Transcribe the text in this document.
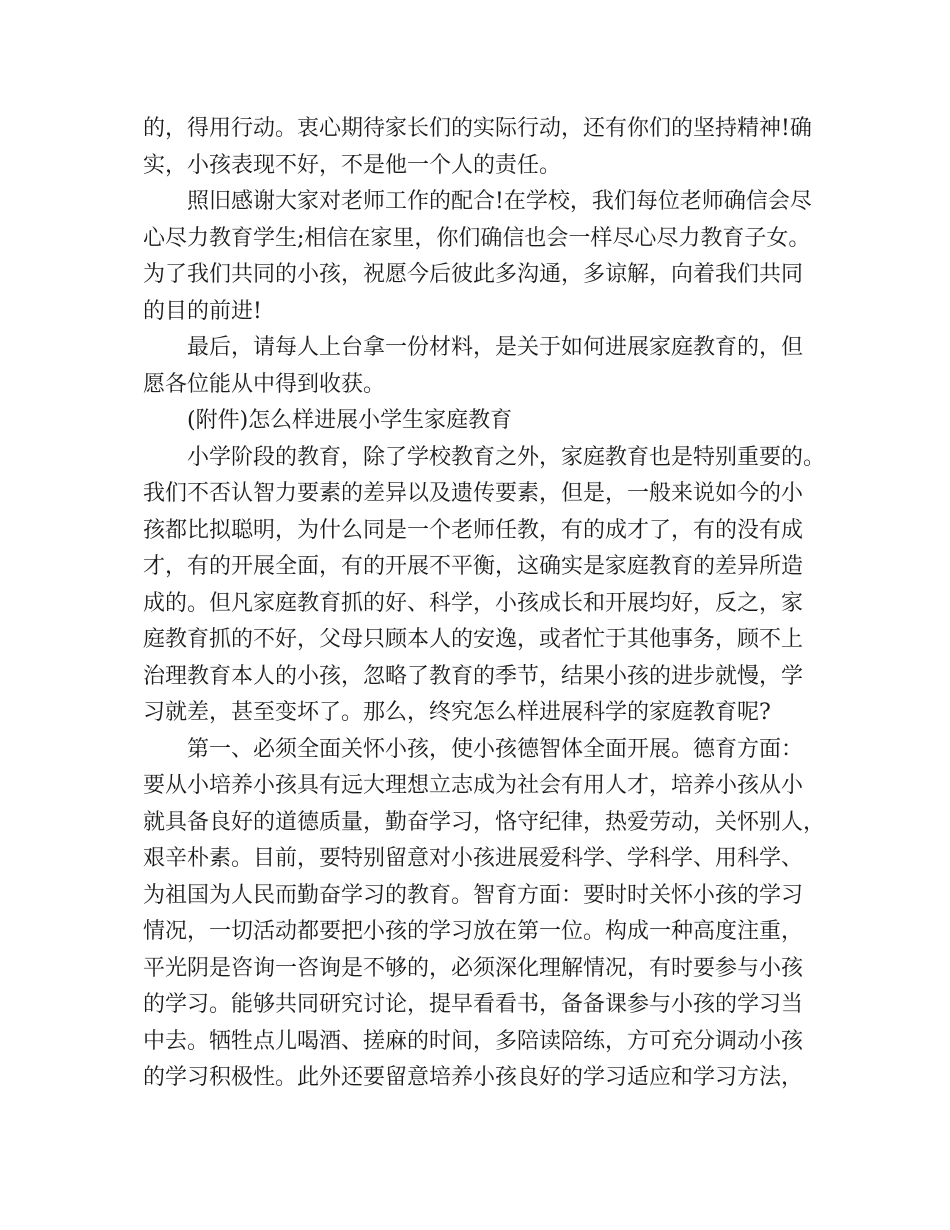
的，得用行动。衷心期待家长们的实际行动，还有你们的坚持精神!确
实，小孩表现不好，不是他一个人的责任。
照旧感谢大家对老师工作的配合!在学校，我们每位老师确信会尽
心尽力教育学生;相信在家里，你们确信也会一样尽心尽力教育子女。
为了我们共同的小孩，祝愿今后彼此多沟通，多谅解，向着我们共同
的目的前进!
最后，请每人上台拿一份材料，是关于如何进展家庭教育的，但
愿各位能从中得到收获。
(附件)怎么样进展小学生家庭教育
小学阶段的教育，除了学校教育之外，家庭教育也是特别重要的。
我们不否认智力要素的差异以及遗传要素，但是，一般来说如今的小
孩都比拟聪明，为什么同是一个老师任教，有的成才了，有的没有成
才，有的开展全面，有的开展不平衡，这确实是家庭教育的差异所造
成的。但凡家庭教育抓的好、科学，小孩成长和开展均好，反之，家
庭教育抓的不好，父母只顾本人的安逸，或者忙于其他事务，顾不上
治理教育本人的小孩，忽略了教育的季节，结果小孩的进步就慢，学
习就差，甚至变坏了。那么，终究怎么样进展科学的家庭教育呢?
第一、必须全面关怀小孩，使小孩德智体全面开展。德育方面：
要从小培养小孩具有远大理想立志成为社会有用人才，培养小孩从小
就具备良好的道德质量，勤奋学习，恪守纪律，热爱劳动，关怀别人，
艰辛朴素。目前，要特别留意对小孩进展爱科学、学科学、用科学、
为祖国为人民而勤奋学习的教育。智育方面：要时时关怀小孩的学习
情况，一切活动都要把小孩的学习放在第一位。构成一种高度注重，
平光阴是咨询一咨询是不够的，必须深化理解情况，有时要参与小孩
的学习。能够共同研究讨论，提早看看书，备备课参与小孩的学习当
中去。牺牲点儿喝酒、搓麻的时间，多陪读陪练，方可充分调动小孩
的学习积极性。此外还要留意培养小孩良好的学习适应和学习方法，
